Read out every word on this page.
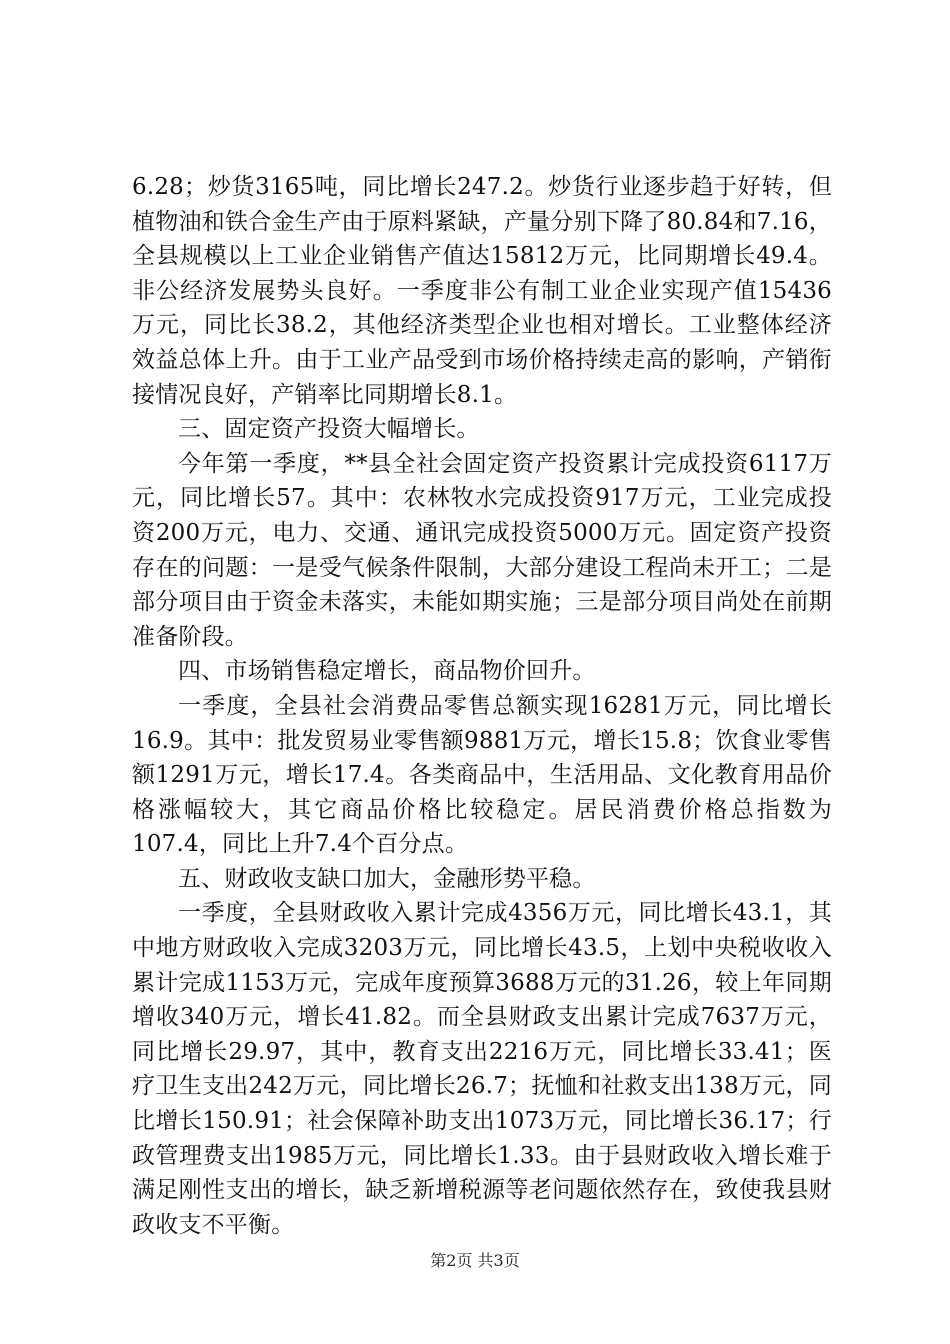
6.28；炒货3165吨，同比增长247.2。炒货行业逐步趋于好转，但植物油和铁合金生产由于原料紧缺，产量分别下降了80.84和7.16，全县规模以上工业企业销售产值达15812万元，比同期增长49.4。非公经济发展势头良好。一季度非公有制工业企业实现产值15436万元，同比长38.2，其他经济类型企业也相对增长。工业整体经济效益总体上升。由于工业产品受到市场价格持续走高的影响，产销衔接情况良好，产销率比同期增长8.1。

三、固定资产投资大幅增长。

今年第一季度，**县全社会固定资产投资累计完成投资6117万元，同比增长57。其中：农林牧水完成投资917万元，工业完成投资200万元，电力、交通、通讯完成投资5000万元。固定资产投资存在的问题：一是受气候条件限制，大部分建设工程尚未开工；二是部分项目由于资金未落实，未能如期实施；三是部分项目尚处在前期准备阶段。

四、市场销售稳定增长，商品物价回升。

一季度，全县社会消费品零售总额实现16281万元，同比增长16.9。其中：批发贸易业零售额9881万元，增长15.8；饮食业零售额1291万元，增长17.4。各类商品中，生活用品、文化教育用品价格涨幅较大，其它商品价格比较稳定。居民消费价格总指数为107.4，同比上升7.4个百分点。

五、财政收支缺口加大，金融形势平稳。

一季度，全县财政收入累计完成4356万元，同比增长43.1，其中地方财政收入完成3203万元，同比增长43.5，上划中央税收收入累计完成1153万元，完成年度预算3688万元的31.26，较上年同期增收340万元，增长41.82。而全县财政支出累计完成7637万元，同比增长29.97，其中，教育支出2216万元，同比增长33.41；医疗卫生支出242万元，同比增长26.7；抚恤和社救支出138万元，同比增长150.91；社会保障补助支出1073万元，同比增长36.17；行政管理费支出1985万元，同比增长1.33。由于县财政收入增长难于满足刚性支出的增长，缺乏新增税源等老问题依然存在，致使我县财政收支不平衡。

第2页 共3页
